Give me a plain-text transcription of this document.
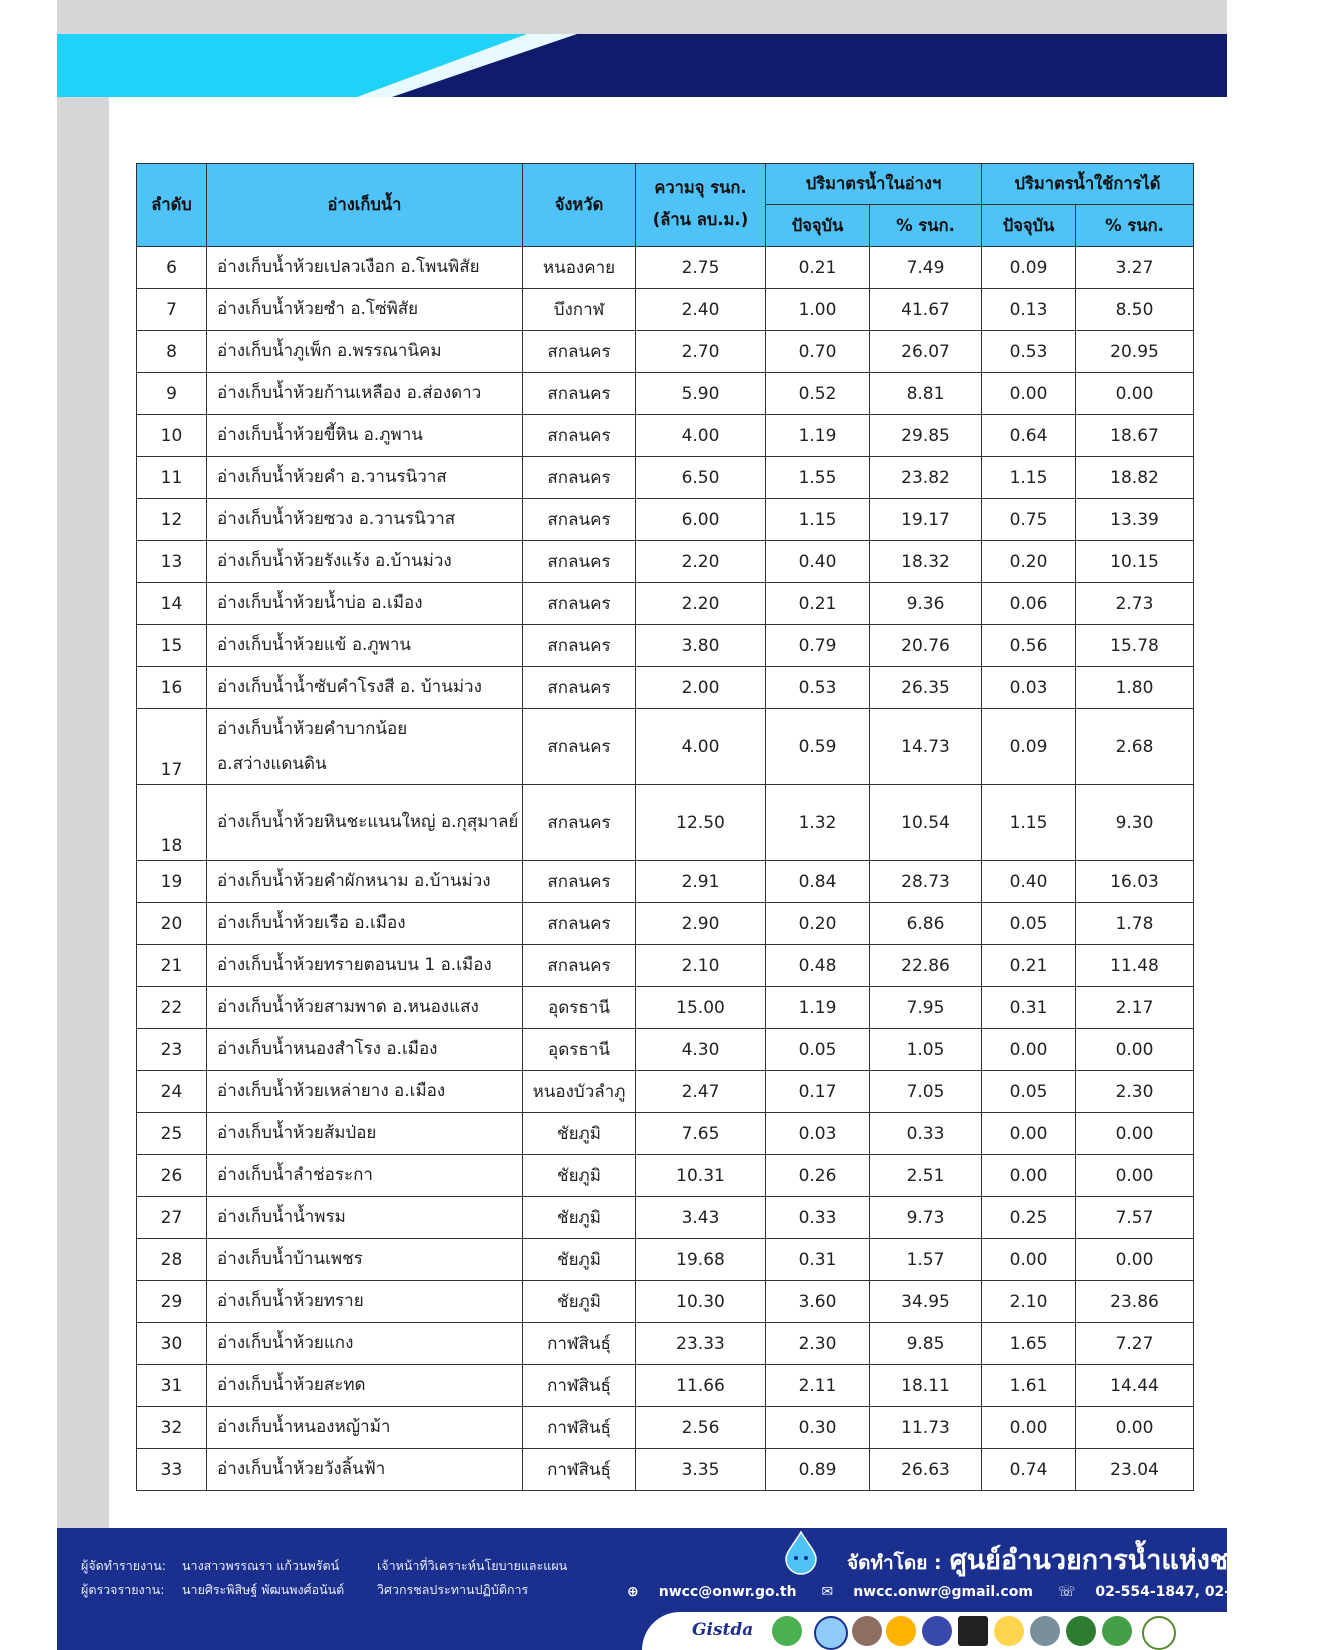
ลำดับ	อ่างเก็บน้ำ	จังหวัด	ความจุ รนก.	ปริมาตรน้ำในอ่างฯ		ปริมาตรน้ำใช้การได้	
			(ล้าน ลบ.ม.)	ปัจจุบัน	% รนก.	ปัจจุบัน	% รนก.
6	อ่างเก็บน้ำห้วยเปลวเงือก อ.โพนพิสัย	หนองคาย	2.75	0.21	7.49	0.09	3.27
7	อ่างเก็บน้ำห้วยซำ อ.โซ่พิสัย	บึงกาฬ	2.40	1.00	41.67	0.13	8.50
8	อ่างเก็บน้ำภูเพ็ก อ.พรรณานิคม	สกลนคร	2.70	0.70	26.07	0.53	20.95
9	อ่างเก็บน้ำห้วยก้านเหลือง อ.ส่องดาว	สกลนคร	5.90	0.52	8.81	0.00	0.00
10	อ่างเก็บน้ำห้วยขี้หิน อ.ภูพาน	สกลนคร	4.00	1.19	29.85	0.64	18.67
11	อ่างเก็บน้ำห้วยคำ อ.วานรนิวาส	สกลนคร	6.50	1.55	23.82	1.15	18.82
12	อ่างเก็บน้ำห้วยซวง อ.วานรนิวาส	สกลนคร	6.00	1.15	19.17	0.75	13.39
13	อ่างเก็บน้ำห้วยรังแร้ง อ.บ้านม่วง	สกลนคร	2.20	0.40	18.32	0.20	10.15
14	อ่างเก็บน้ำห้วยน้ำบ่อ อ.เมือง	สกลนคร	2.20	0.21	9.36	0.06	2.73
15	อ่างเก็บน้ำห้วยแข้ อ.ภูพาน	สกลนคร	3.80	0.79	20.76	0.56	15.78
16	อ่างเก็บน้ำน้ำซับคำโรงสี อ. บ้านม่วง	สกลนคร	2.00	0.53	26.35	0.03	1.80
17	อ่างเก็บน้ำห้วยคำบากน้อย อ.สว่างแดนดิน	สกลนคร	4.00	0.59	14.73	0.09	2.68
18	อ่างเก็บน้ำห้วยหินชะแนนใหญ่ อ.กุสุมาลย์	สกลนคร	12.50	1.32	10.54	1.15	9.30
19	อ่างเก็บน้ำห้วยคำผักหนาม อ.บ้านม่วง	สกลนคร	2.91	0.84	28.73	0.40	16.03
20	อ่างเก็บน้ำห้วยเรือ อ.เมือง	สกลนคร	2.90	0.20	6.86	0.05	1.78
21	อ่างเก็บน้ำห้วยทรายตอนบน 1 อ.เมือง	สกลนคร	2.10	0.48	22.86	0.21	11.48
22	อ่างเก็บน้ำห้วยสามพาด อ.หนองแสง	อุดรธานี	15.00	1.19	7.95	0.31	2.17
23	อ่างเก็บน้ำหนองสำโรง อ.เมือง	อุดรธานี	4.30	0.05	1.05	0.00	0.00
24	อ่างเก็บน้ำห้วยเหล่ายาง อ.เมือง	หนองบัวลำภู	2.47	0.17	7.05	0.05	2.30
25	อ่างเก็บน้ำห้วยส้มป่อย	ชัยภูมิ	7.65	0.03	0.33	0.00	0.00
26	อ่างเก็บน้ำลำช่อระกา	ชัยภูมิ	10.31	0.26	2.51	0.00	0.00
27	อ่างเก็บน้ำน้ำพรม	ชัยภูมิ	3.43	0.33	9.73	0.25	7.57
28	อ่างเก็บน้ำบ้านเพชร	ชัยภูมิ	19.68	0.31	1.57	0.00	0.00
29	อ่างเก็บน้ำห้วยทราย	ชัยภูมิ	10.30	3.60	34.95	2.10	23.86
30	อ่างเก็บน้ำห้วยแกง	กาฬสินธุ์	23.33	2.30	9.85	1.65	7.27
31	อ่างเก็บน้ำห้วยสะทด	กาฬสินธุ์	11.66	2.11	18.11	1.61	14.44
32	อ่างเก็บน้ำหนองหญ้าม้า	กาฬสินธุ์	2.56	0.30	11.73	0.00	0.00
33	อ่างเก็บน้ำห้วยวังลิ้นฟ้า	กาฬสินธุ์	3.35	0.89	26.63	0.74	23.04
ผู้จัดทำรายงาน: นางสาวพรรณรา แก้วนพรัตน์	เจ้าหน้าที่วิเคราะห์นโยบายและแผน
ผู้ตรวจรายงาน: นายศิระพิสิษฐ์ พัฒนพงศ์อนันต์	วิศวกรชลประทานปฏิบัติการ
จัดทำโดย : ศูนย์อำนวยการน้ำแห่งชาติ
⊕ nwcc@onwr.go.th ✉ nwcc.onwr@gmail.com ☏ 02-554-1847, 02-554-1800
Gistda
